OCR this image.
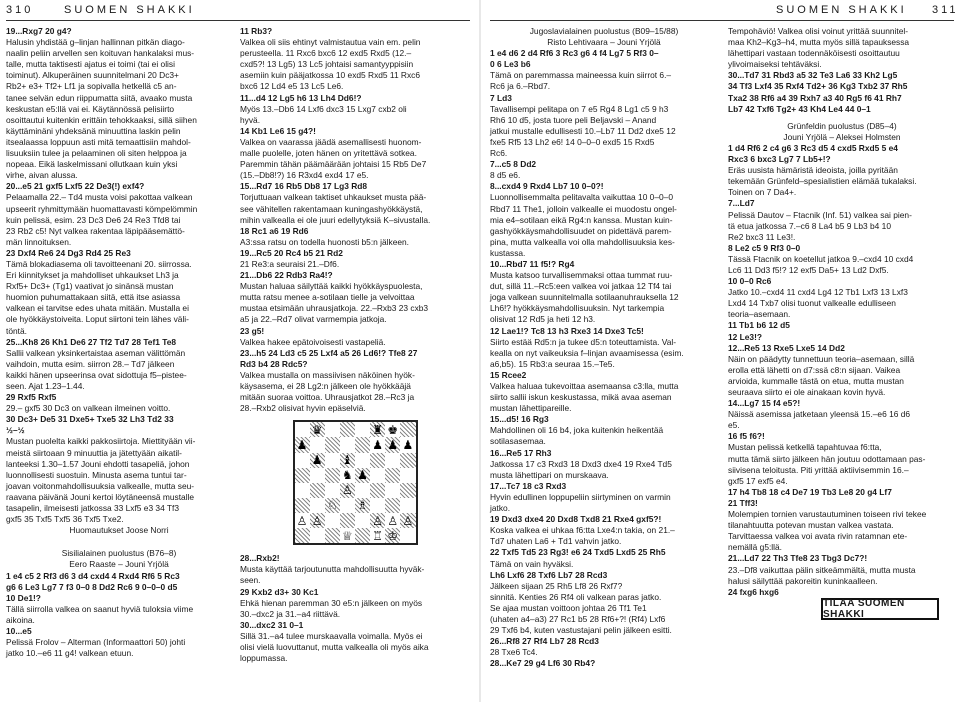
310	SUOMEN SHAKKI	SUOMEN SHAKKI 311

19...Rxg7 20 g4?

Halusin yhdistää g–linjan hallinnan pitkän diago-

naalin peliin arvellen sen koituvan hankalaksi mus-

talle, mutta taktisesti ajatus ei toimi (tai ei olisi

toiminut). Alkuperäinen suunnitelmani 20 Dc3+

Rb2+ e3+ Tf2+ Lf1 ja sopivalla hetkellä c5 an-

tanee selvän edun riippumatta siitä, avaako musta

keskustan e5:llä vai ei. Käytännössä pelisiirto

osoittautui kuitenkin erittäin tehokkaaksi, sillä siihen

käyttäminäni yhdeksänä minuuttina laskin pelin

itsealaassa loppuun asti mitä temaattisiin mahdol-

lisuuksiin tulee ja pelaaminen oli siten helppoa ja

nopeaa. Eikä laskelmissani ollutkaan kuin yksi

virhe, aivan alussa.

20...e5 21 gxf5 Lxf5 22 De3(!) exf4?

Pelaamalla 22.– Td4 musta voisi pakottaa valkean

upseerit ryhmittymään huomattavasti kömpelömmin

kuin pelissä, esim. 23 Dc3 De6 24 Re3 Tfd8 tai

23 Rb2 c5! Nyt valkea rakentaa läpipääsemättö-

män linnoituksen.

23 Dxf4 Re6 24 Dg3 Rd4 25 Re3

Tämä blokadiasema oli tavoitteenani 20. siirrossa.

Eri kiinnitykset ja mahdolliset uhkaukset Lh3 ja

Rxf5+ Dc3+ (Tg1) vaativat jo sinänsä mustan

huomion puhumattakaan siitä, että itse asiassa

valkean ei tarvitse edes uhata mitään. Mustalla ei

ole hyökkäystoiveita. Loput siirtoni tein lähes väli-

töntä.

25...Kh8 26 Kh1 De6 27 Tf2 Td7 28 Tef1 Te8

Sallii valkean yksinkertaistaa aseman välittömän

vaihdoin, mutta esim. siirron 28.– Td7 jälkeen

kaikki hänen upseerinsa ovat sidottuja f5–pistee-

seen. Ajat 1.23–1.44.

29 Rxf5 Rxf5

29.– gxf5 30 Dc3 on valkean ilmeinen voitto.

30 Dc3+ De5 31 Dxe5+ Txe5 32 Lh3 Td2 33

½–½

Mustan puolelta kaikki pakkosiirtoja. Miettityään vii-

meistä siirtoaan 9 minuuttia ja jätettyään aikatil-

lanteeksi 1.30–1.57 Jouni ehdotti tasapeliä, johon

luonnollisesti suostuin. Minusta asema tuntui tar-

joavan voitonmahdollisuuksia valkealle, mutta seu-

raavana päivänä Jouni kertoi löytäneensä mustalle

tasapelin, ilmeisesti jatkossa 33 Lxf5 e3 34 Tf3

gxf5 35 Txf5 Txf5 36 Txf5 Txe2.

Huomautukset Joose Norri

Sisilialainen puolustus (B76–8)

Eero Raaste – Jouni Yrjölä

1 e4 c5 2 Rf3 d6 3 d4 cxd4 4 Rxd4 Rf6 5 Rc3

g6 6 Le3 Lg7 7 f3 0–0 8 Dd2 Rc6 9 0–0–0 d5

10 De1!?

Tällä siirrolla valkea on saanut hyviä tuloksia viime

aikoina.

10...e5

Pelissä Frolov – Alterman (Informaattori 50) johti

jatko 10.–e6 11 g4! valkean etuun.

11 Rb3?

Valkea oli siis ehtinyt valmistautua vain em. pelin

perusteella. 11 Rxc6 bxc6 12 exd5 Rxd5 (12.–

cxd5?! 13 Lg5) 13 Lc5 johtaisi samantyyppisiin

asemiin kuin pääjatkossa 10 exd5 Rxd5 11 Rxc6

bxc6 12 Ld4 e5 13 Lc5 Le6.

11...d4 12 Lg5 h6 13 Lh4 Dd6!?

Myös 13.–Db6 14 Lxf6 dxc3 15 Lxg7 cxb2 oli

hyvä.

14 Kb1 Le6 15 g4?!

Valkea on vaarassa jäädä asemallisesti huonom-

malle puolelle, joten hänen on yritettävä sotkea.

Paremmin tähän päämäärään johtaisi 15 Rb5 De7

(15.–Db8!?) 16 R3xd4 exd4 17 e5.

15...Rd7 16 Rb5 Db8 17 Lg3 Rd8

Torjuttuaan valkean taktiset uhkaukset musta pää-

see vähitellen rakentamaan kuningashyökkäystä,

mihin valkealla ei ole juuri edellytyksiä K–sivustalla.

18 Rc1 a6 19 Rd6

A3:ssa ratsu on todella huonosti b5:n jälkeen.

19...Rc5 20 Rc4 b5 21 Rd2

21 Re3:a seuraisi 21.–Df6.

21...Db6 22 Rdb3 Ra4!?

Mustan haluaa säilyttää kaikki hyökkäyspuolesta,

mutta ratsu menee a-sotilaan tielle ja velvoittaa

mustaa etsimään uhrausjatkoja. 22.–Rxb3 23 cxb3

a5 ja 22.–Rd7 olivat varmempia jatkoja.

23 g5!

Valkea hakee epätoivoisesti vastapeliä.

23...h5 24 Ld3 c5 25 Lxf4 a5 26 Ld6!? Tfe8 27

Rd3 b4 28 Rdc5?

Valkea mustalla on massiivisen näköinen hyök-

käysasema, ei 28 Lg2:n jälkeen ole hyökkääjä

mitään suoraa voittoa. Uhrausjatkot 28.–Rc3 ja

28.–Rxb2 olisivat hyvin epäselviä.

♛	♜ ♚
♟	♟ ♟ ♟
♟ ♝
♞ ♟
♙
♘ ♗
♙ ♙	♙ ♙ ♙
♕ ♖ ♔

28...Rxb2!

Musta käyttää tarjoutunutta mahdollisuutta hyväk-

seen.

29 Kxb2 d3+ 30 Kc1

Ehkä hienan paremman 30 e5:n jälkeen on myös

30.–dxc2 ja 31.–a4 riittävä.

30...dxc2 31 0–1

Sillä 31.–a4 tulee murskaavalla voimalla. Myös ei

olisi vielä luovuttanut, mutta valkealla oli myös aika

loppumassa.

Jugoslavialainen puolustus (B09–15/88)

Risto Lehtivaara – Jouni Yrjölä

1 e4 d6 2 d4 Rf6 3 Rc3 g6 4 f4 Lg7 5 Rf3 0–

0 6 Le3 b6

Tämä on paremmassa maineessa kuin siirrot 6.–

Rc6 ja 6.–Rbd7.

7 Ld3

Tavallisempi pelitapa on 7 e5 Rg4 8 Lg1 c5 9 h3

Rh6 10 d5, josta tuore peli Beljavski – Anand

jatkui mustalle edullisesti 10.–Lb7 11 Dd2 dxe5 12

fxe5 Rf5 13 Lh2 e6! 14 0–0–0 exd5 15 Rxd5

Rc6.

7...c5 8 Dd2

8 d5 e6.

8...cxd4 9 Rxd4 Lb7 10 0–0?!

Luonnollisemmalta pelitavalta vaikuttaa 10 0–0–0

Rbd7 11 The1, jolloin valkealle ei muodostu ongel-

mia e4–sotilaan eikä Rg4:n kanssa. Mustan kuin-

gashyökkäysmahdollisuudet on pidettävä parem-

pina, mutta valkealla voi olla mahdollisuuksia kes-

kustassa.

10...Rbd7 11 f5!? Rg4

Musta katsoo turvallisemmaksi ottaa tummat ruu-

dut, sillä 11.–Rc5:een valkea voi jatkaa 12 Tf4 tai

joga valkean suunnitelmalla sotilaanuhrauksella 12

Lh6!? hyökkäysmahdollisuuksin. Nyt tarkempia

olisivat 12 Rd5 ja heti 12 h3.

12 Lae1!? Tc8 13 h3 Rxe3 14 Dxe3 Tc5!

Siirto estää Rd5:n ja tukee d5:n toteuttamista. Val-

kealla on nyt vaikeuksia f–linjan avaamisessa (esim.

a6,b5). 15 Rb3:a seuraa 15.–Te5.

15 Rcee2

Valkea haluaa tukevoittaa asemaansa c3:lla, mutta

siirto sallii iskun keskustassa, mikä avaa aseman

mustan lähettipareille.

15...d5! 16 Rg3

Mahdollinen oli 16 b4, joka kuitenkin heikentää

sotilasasemaa.

16...Re5 17 Rh3

Jatkossa 17 c3 Rxd3 18 Dxd3 dxe4 19 Rxe4 Td5

musta lähettipari on murskaava.

17...Tc7 18 c3 Rxd3

Hyvin edullinen loppupeliin siirtyminen on varmin

jatko.

19 Dxd3 dxe4 20 Dxd8 Txd8 21 Rxe4 gxf5?!

Koska valkea ei uhkaa f6:tta Lxe4:n takia, on 21.–

Td7 uhaten La6 + Td1 vahvin jatko.

22 Txf5 Td5 23 Rg3! e6 24 Txd5 Lxd5 25 Rh5

Tämä on vain hyväksi.

Lh6 Lxf6 28 Txf6 Lb7 28 Rcd3

Jälkeen sijaan 25 Rh5 Lf8 26 Rxf7?

sinnitä. Kenties 26 Rf4 oli valkean paras jatko.

Se ajaa mustan voittoon johtaa 26 Tf1 Te1

(uhaten a4–a3) 27 Rc1 b5 28 Rf6+?! (Rf4) Lxf6

29 Txf6 b4, kuten vastustajani pelin jälkeen esitti.

26...Rf8 27 Rf4 Lb7 28 Rcd3

28 Txe6 Tc4.

28...Ke7 29 g4 Lf6 30 Rb4?

Tempohäviö! Valkea olisi voinut yrittää suunnitel-

maa Kh2–Kg3–h4, mutta myös sillä tapauksessa

lähettipari vastaan todennäköisesti osoittautuu

ylivoimaiseksi tehtäväksi.

30...Td7 31 Rbd3 a5 32 Te3 La6 33 Kh2 Lg5

34 Tf3 Lxf4 35 Rxf4 Td2+ 36 Kg3 Txb2 37 Rh5

Txa2 38 Rf6 a4 39 Rxh7 a3 40 Rg5 f6 41 Rh7

Lb7 42 Txf6 Tg2+ 43 Kh4 Le4 44 0–1

Grünfeldin puolustus (D85–4)

Jouni Yrjölä – Aleksei Holmsten

1 d4 Rf6 2 c4 g6 3 Rc3 d5 4 cxd5 Rxd5 5 e4

Rxc3 6 bxc3 Lg7 7 Lb5+!?

Eräs uusista hämäristä ideoista, joilla pyritään

tekemään Grünfeld–spesialistien elämää tukalaksi.

Toinen on 7 Da4+.

7...Ld7

Pelissä Dautov – Ftacnik (Inf. 51) valkea sai pien-

tä etua jatkossa 7.–c6 8 La4 b5 9 Lb3 b4 10

Re2 bxc3 11 Le3!.

8 Le2 c5 9 Rf3 0–0

Tässä Ftacnik on koetellut jatkoa 9.–cxd4 10 cxd4

Lc6 11 Dd3 f5!? 12 exf5 Da5+ 13 Ld2 Dxf5.

10 0–0 Rc6

Jatko 10.–cxd4 11 cxd4 Lg4 12 Tb1 Lxf3 13 Lxf3

Lxd4 14 Txb7 olisi tuonut valkealle edulliseen

teoria–asemaan.

11 Tb1 b6 12 d5

12 Le3!?

12...Re5 13 Rxe5 Lxe5 14 Dd2

Näin on päädytty tunnettuun teoria–asemaan, sillä

erolla että lähetti on d7:ssä c8:n sijaan. Vaikea

arvioida, kummalle tästä on etua, mutta mustan

seuraava siirto ei ole ainakaan kovin hyvä.

14...Lg7 15 f4 e5?!

Näissä asemissa jatketaan yleensä 15.–e6 16 d6

e5.

16 f5 f6?!

Mustan pelissä ketkellä tapahtuvaa f6:tta,

mutta tämä siirto jälkeen hän joutuu odottamaan pas-

siivisena teloitusta. Piti yrittää aktiivisemmin 16.–

gxf5 17 exf5 e4.

17 h4 Tb8 18 c4 De7 19 Tb3 Le8 20 g4 Lf7

21 Tff3!

Molempien tornien varustautuminen toiseen rivi tekee

tilanahtuutta potevan mustan valkea vastata.

Tarvittaessa valkea voi avata rivin ratamnan ete-

nemällä g5:llä.

21...Ld7 22 Th3 Tfe8 23 Tbg3 Dc7?!

23.–Df8 vaikuttaa pälin sitkeämmältä, mutta musta

halusi säilyttää pakoreitin kuninkaalleen.

24 fxg6 hxg6

TILAA SUOMEN SHAKKI
